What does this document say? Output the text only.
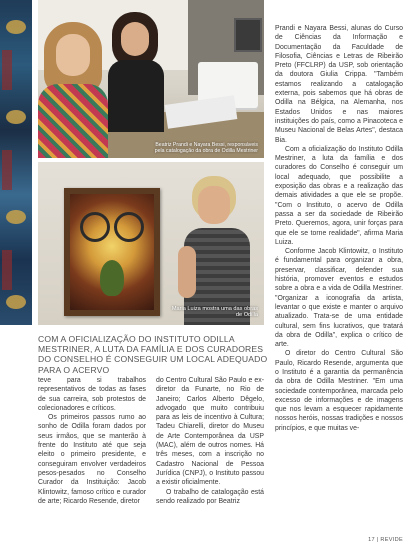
Beatriz Prandi e Nayara Bessi, responsáveis pela catalogação da obra de Odilla Mestriner
Maria Luiza mostra uma das obras de Odilla
COM A OFICIALIZAÇÃO DO INSTITUTO ODILLA MESTRINER, A LUTA DA FAMÍLIA E DOS CURADORES DO CONSELHO É CONSEGUIR UM LOCAL ADEQUADO PARA O ACERVO

teve para si trabalhos representativos de todas as fases de sua carreira, sob protestos de colecionadores e críticos.

Os primeiros passos rumo ao sonho de Odilla foram dados por seus irmãos, que se manterão à frente do Instituto até que seja eleito o primeiro presidente, e conseguiram envolver verdadeiros pesos-pesados no Conselho Curador da Instituição: Jacob Klintowitz, famoso crítico e curador de arte; Ricardo Resende, diretor

do Centro Cultural São Paulo e ex-diretor da Funarte, no Rio de Janeiro; Carlos Alberto Dêgelo, advogado que muito contribuiu para as leis de incentivo à Cultura; Tadeu Chiarelli, diretor do Museu de Arte Contemporânea da USP (MAC), além de outros nomes. Há três meses, com a inscrição no Cadastro Nacional de Pessoa Jurídica (CNPJ), o Instituto passou a existir oficialmente.

O trabalho de catalogação está sendo realizado por Beatriz

Prandi e Nayara Bessi, alunas do Curso de Ciências da Informação e Documentação da Faculdade de Filosofia, Ciências e Letras de Ribeirão Preto (FFCLRP) da USP, sob orientação da doutora Giulia Crippa. "Também estamos realizando a catalogação externa, pois sabemos que há obras de Odilla na Bélgica, na Alemanha, nos Estados Unidos e nas maiores instituições do país, como a Pinacoteca e Museu Nacional de Belas Artes", destaca Bia.

Com a oficialização do Instituto Odilla Mestriner, a luta da família e dos curadores do Conselho é conseguir um local adequado, que possibilite a exposição das obras e a realização das demais atividades a que ele se propõe. "Com o Instituto, o acervo de Odilla passa a ser da sociedade de Ribeirão Preto. Queremos, agora, unir forças para que ele se torne realidade", afirma Maria Luiza.

Conforme Jacob Klintowitz, o Instituto é fundamental para organizar a obra, preservar, classificar, defender sua história, promover eventos e estudos sobre a obra e a vida de Odilla Mestriner. "Organizar a iconografia da artista, levantar o que existe e manter o arquivo atualizado. Trata-se de uma entidade cultural, sem fins lucrativos, que tratará da obra de Odilla", explica o crítico de arte.

O diretor do Centro Cultural São Paulo, Ricardo Resende, argumenta que o Instituto é a garantia da permanência da obra de Odilla Mestriner. "Em uma sociedade contemporânea, marcada pelo excesso de informações e de imagens que nos levam a esquecer rapidamente nossos heróis, nossas tradições e nossos princípios, e que muitas ve-

17 | REVIDE
